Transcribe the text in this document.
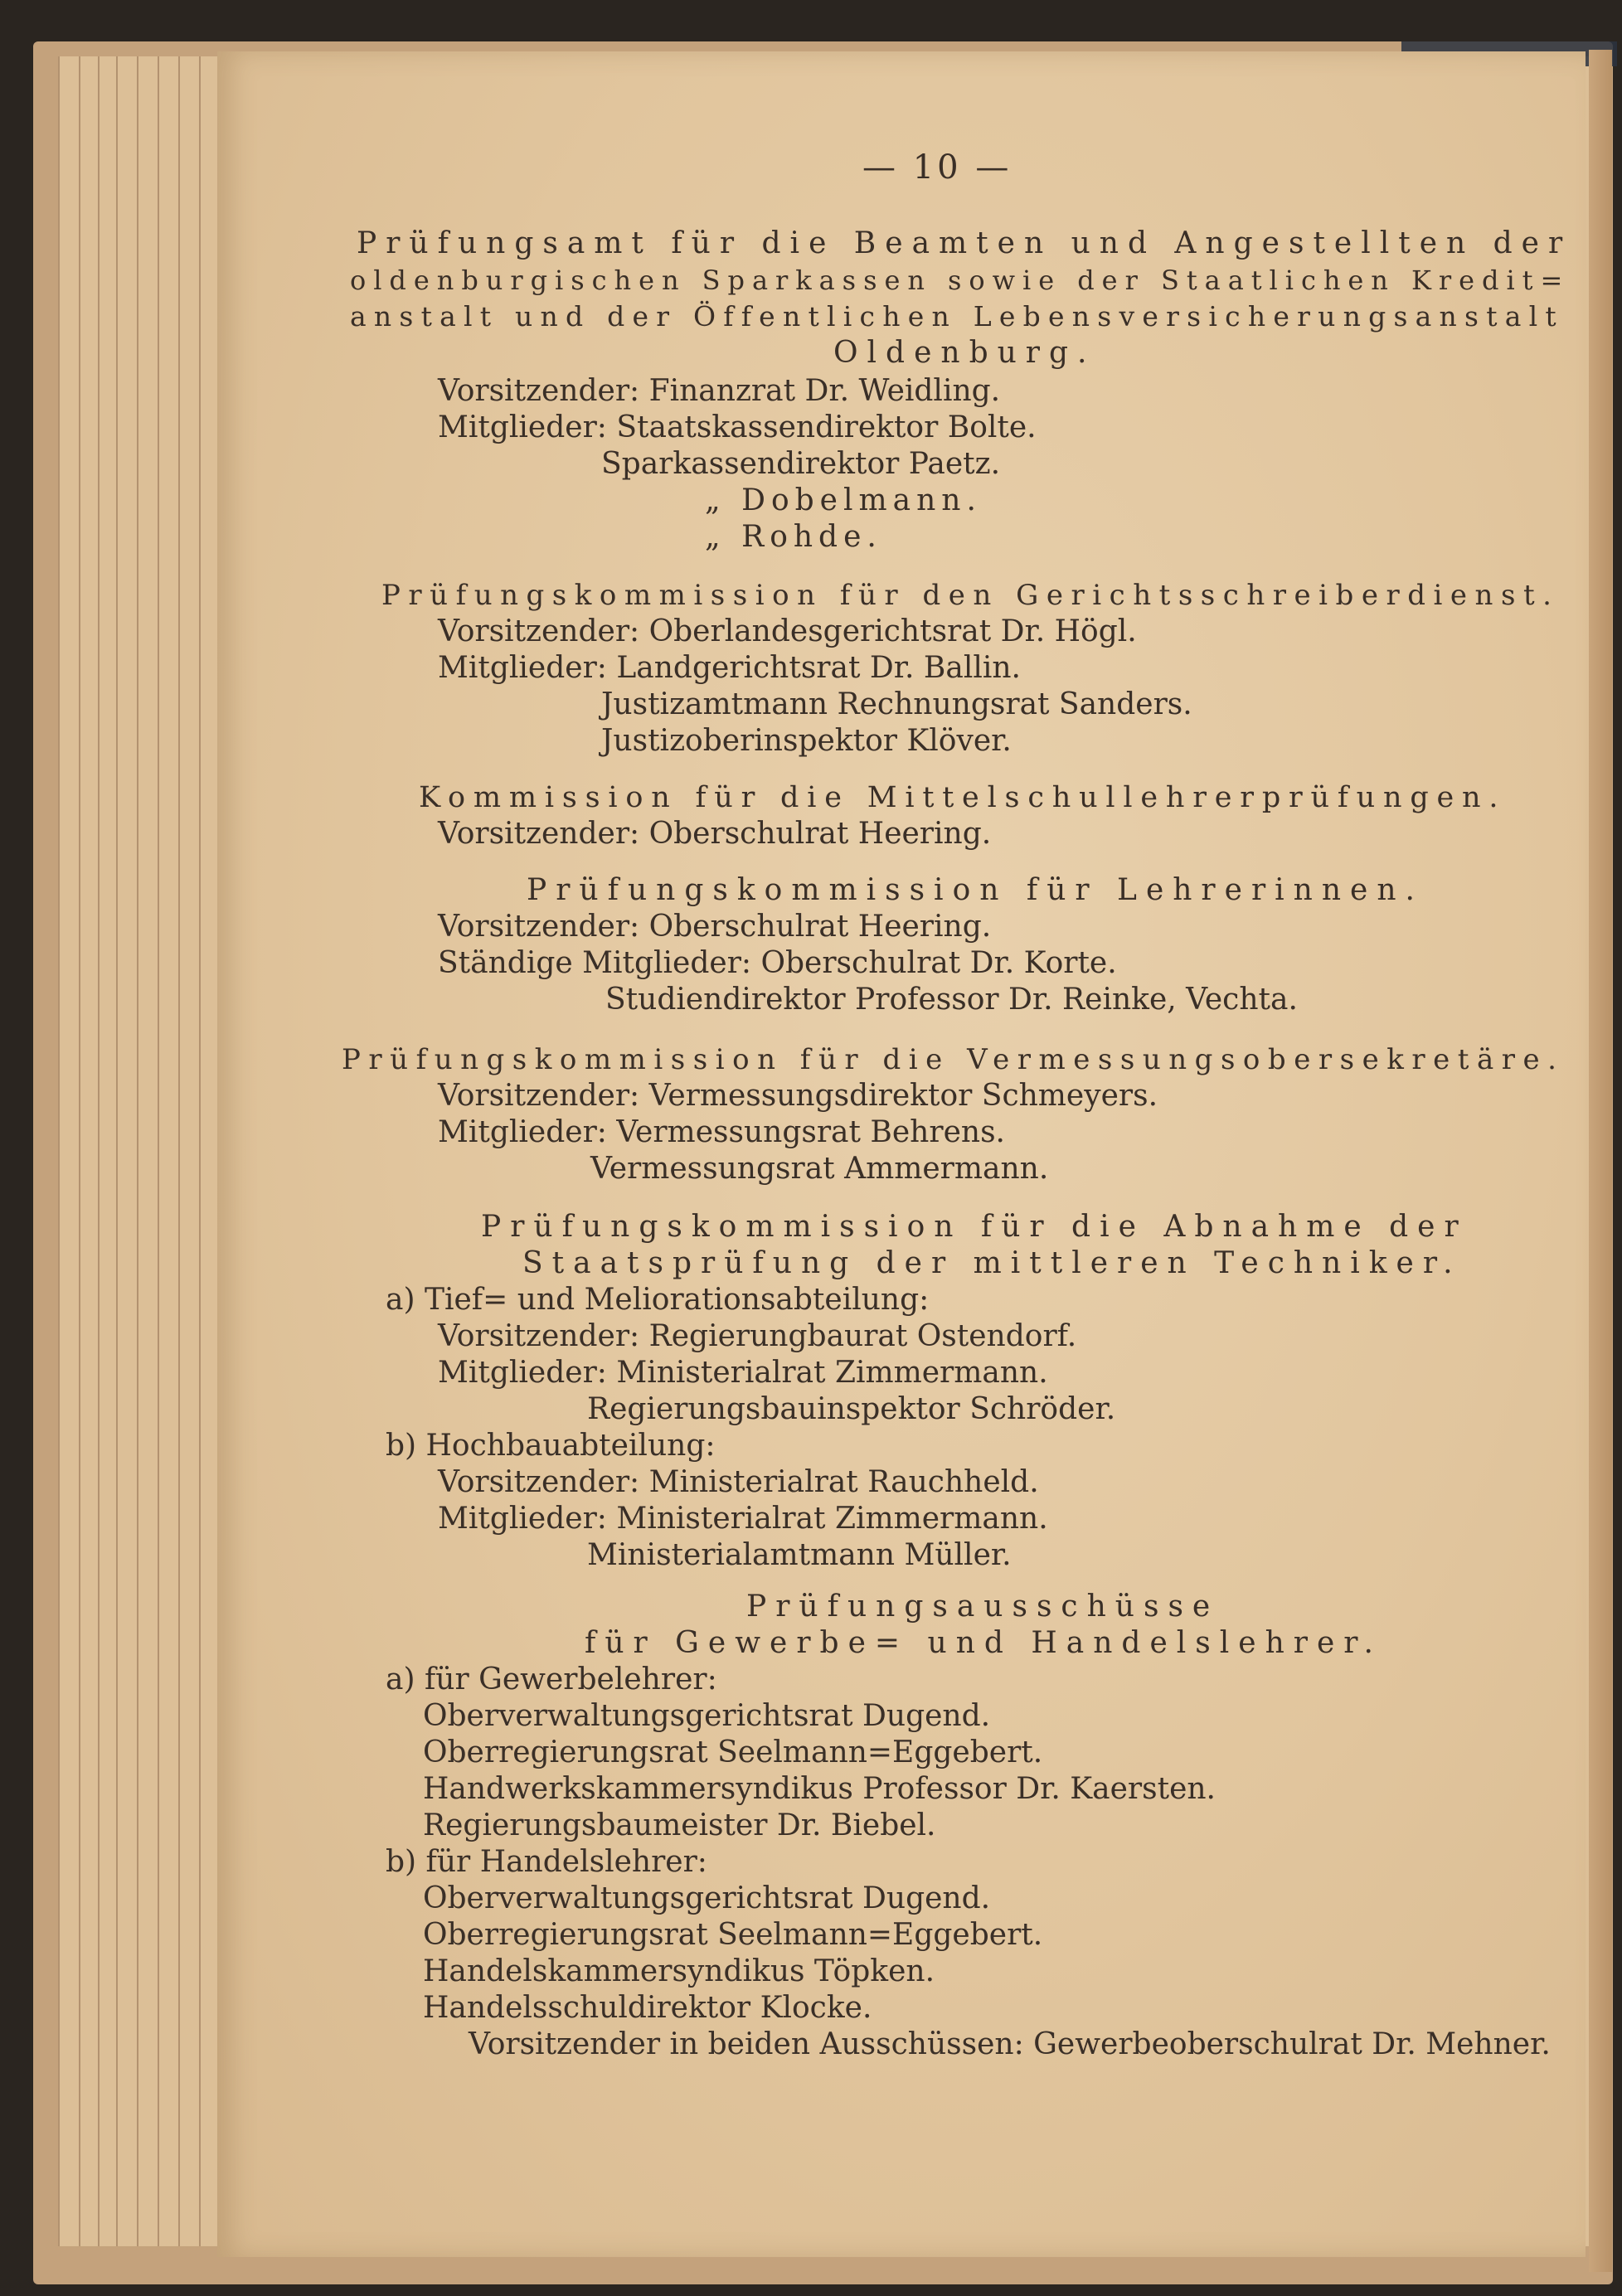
— 10 —
Prüfungsamt für die Beamten und Angestellten der
oldenburgischen Sparkassen sowie der Staatlichen Kredit=
anstalt und der Öffentlichen Lebensversicherungsanstalt
Oldenburg.
Vorsitzender: Finanzrat Dr. Weidling.
Mitglieder: Staatskassendirektor Bolte.
Sparkassendirektor Paetz.
„ Dobelmann.
„ Rohde.
Prüfungskommission für den Gerichtsschreiberdienst.
Vorsitzender: Oberlandesgerichtsrat Dr. Högl.
Mitglieder: Landgerichtsrat Dr. Ballin.
Justizamtmann Rechnungsrat Sanders.
Justizoberinspektor Klöver.
Kommission für die Mittelschullehrerprüfungen.
Vorsitzender: Oberschulrat Heering.
Prüfungskommission für Lehrerinnen.
Vorsitzender: Oberschulrat Heering.
Ständige Mitglieder: Oberschulrat Dr. Korte.
Studiendirektor Professor Dr. Reinke, Vechta.
Prüfungskommission für die Vermessungsobersekretäre.
Vorsitzender: Vermessungsdirektor Schmeyers.
Mitglieder: Vermessungsrat Behrens.
Vermessungsrat Ammermann.
Prüfungskommission für die Abnahme der
Staatsprüfung der mittleren Techniker.
a) Tief= und Meliorationsabteilung:
Vorsitzender: Regierungbaurat Ostendorf.
Mitglieder: Ministerialrat Zimmermann.
Regierungsbauinspektor Schröder.
b) Hochbauabteilung:
Vorsitzender: Ministerialrat Rauchheld.
Mitglieder: Ministerialrat Zimmermann.
Ministerialamtmann Müller.
Prüfungsausschüsse
für Gewerbe= und Handelslehrer.
a) für Gewerbelehrer:
Oberverwaltungsgerichtsrat Dugend.
Oberregierungsrat Seelmann=Eggebert.
Handwerkskammersyndikus Professor Dr. Kaersten.
Regierungsbaumeister Dr. Biebel.
b) für Handelslehrer:
Oberverwaltungsgerichtsrat Dugend.
Oberregierungsrat Seelmann=Eggebert.
Handelskammersyndikus Töpken.
Handelsschuldirektor Klocke.
Vorsitzender in beiden Ausschüssen: Gewerbeoberschulrat Dr. Mehner.
